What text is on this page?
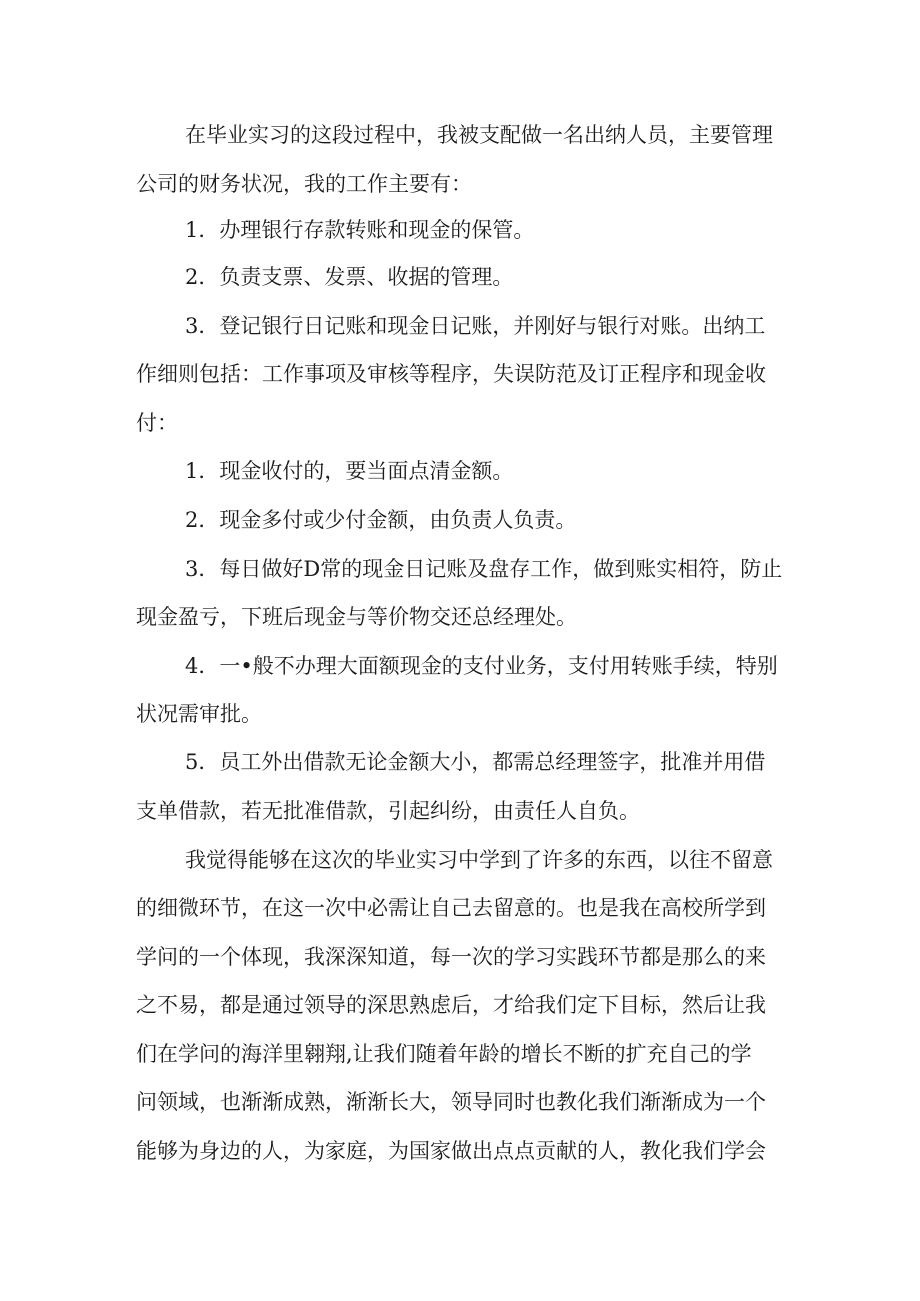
在毕业实习的这段过程中，我被支配做一名出纳人员，主要管理
公司的财务状况，我的工作主要有：
1．办理银行存款转账和现金的保管。
2．负责支票、发票、收据的管理。
3．登记银行日记账和现金日记账，并刚好与银行对账。出纳工
作细则包括：工作事项及审核等程序，失误防范及订正程序和现金收
付：
1．现金收付的，要当面点清金额。
2．现金多付或少付金额，由负责人负责。
3．每日做好D常的现金日记账及盘存工作，做到账实相符，防止
现金盈亏，下班后现金与等价物交还总经理处。
4．一•般不办理大面额现金的支付业务，支付用转账手续，特别
状况需审批。
5．员工外出借款无论金额大小，都需总经理签字，批准并用借
支单借款，若无批准借款，引起纠纷，由责任人自负。
我觉得能够在这次的毕业实习中学到了许多的东西，以往不留意
的细微环节，在这一次中必需让自己去留意的。也是我在高校所学到
学问的一个体现，我深深知道，每一次的学习实践环节都是那么的来
之不易，都是通过领导的深思熟虑后，才给我们定下目标，然后让我
们在学问的海洋里翱翔,让我们随着年龄的增长不断的扩充自己的学
问领域，也渐渐成熟，渐渐长大，领导同时也教化我们渐渐成为一个
能够为身边的人，为家庭，为国家做出点点贡献的人，教化我们学会
